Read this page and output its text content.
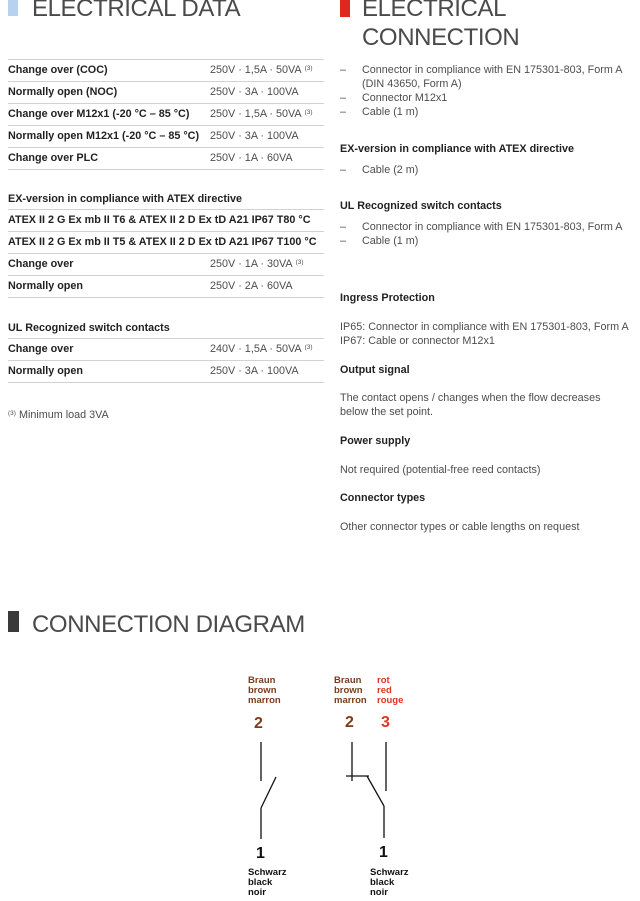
ELECTRICAL DATA
Change over (COC)	250V · 1,5A · 50VA $^{(3)}$
Normally open (NOC)	250V · 3A · 100VA
Change over M12x1 (-20 °C – 85 °C) 250V · 1,5A · 50VA $^{(3)}$
Normally open M12x1 (-20 °C – 85 °C) 250V · 3A · 100VA
Change over PLC	250V · 1A · 60VA
EX-version in compliance with ATEX directive
ATEX II 2 G Ex mb II T6 & ATEX II 2 D Ex tD A21 IP67 T80 °C
ATEX II 2 G Ex mb II T5 & ATEX II 2 D Ex tD A21 IP67 T100 °C
Change over	250V · 1A · 30VA $^{(3)}$
Normally open	250V · 2A · 60VA
UL Recognized switch contacts
Change over	240V · 1,5A · 50VA $^{(3)}$
Normally open	250V · 3A · 100VA
$^{(3)}$ Minimum load 3VA
ELECTRICAL
CONNECTION
– Connector in compliance with EN 175301-803, Form A (DIN 43650, Form A)
– Connector M12x1
– Cable (1 m)
EX-version in compliance with ATEX directive
– Cable (2 m)
UL Recognized switch contacts
– Connector in compliance with EN 175301-803, Form A
– Cable (1 m)
Ingress Protection
IP65: Connector in compliance with EN 175301-803, Form A
IP67: Cable or connector M12x1
Output signal
The contact opens / changes when the flow decreases below the set point.
Power supply
Not required (potential-free reed contacts)
Connector types
Other connector types or cable lengths on request
CONNECTION DIAGRAM
Braun
brown
marron
2
1
Schwarz
black
noir
Braun
brown
marron
rot
red
rouge
2 3
1
Schwarz
black
noir
